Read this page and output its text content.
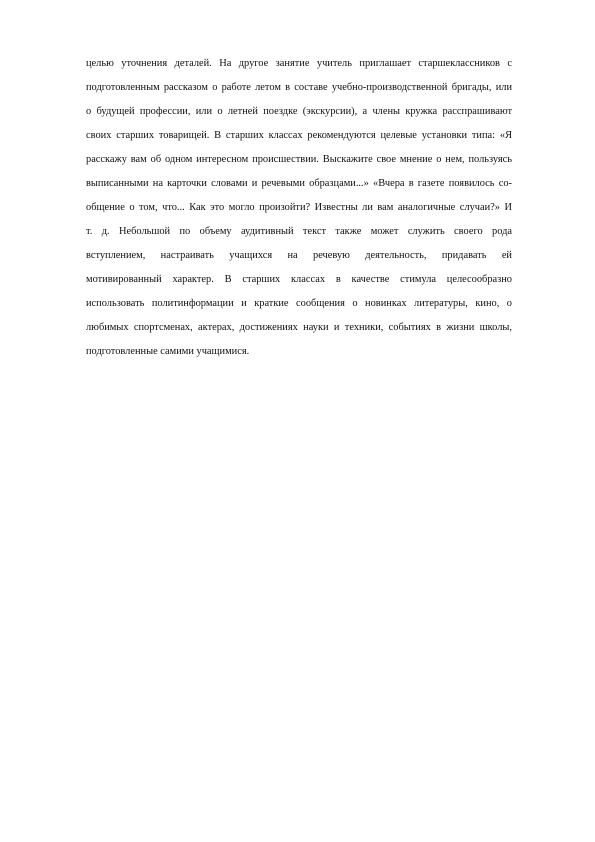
целью уточнения деталей. На другое занятие учитель приглашает старшеклассников с
подготовленным рассказом о работе летом в составе учебно-производственной бригады, или
о будущей профессии, или о летней поездке (экскурсии), а члены кружка расспрашивают
своих старших товарищей. В старших классах рекомендуются целевые установки типа: «Я
расскажу вам об одном интересном происшествии. Выскажите свое мнение о нем, пользуясь
выписанными на карточки словами и речевыми образцами...» «Вчера в газете появилось со-
общение о том, что... Как это могло произойти? Известны ли вам аналогичные случаи?» И
т. д. Небольшой по объему аудитивный текст также может служить своего рода
вступлением, настраивать учащихся на речевую деятельность, придавать ей
мотивированный характер. В старших классах в качестве стимула целесообразно
использовать политинформации и краткие сообщения о новинках литературы, кино, о
любимых спортсменах, актерах, достижениях науки и техники, событиях в жизни школы,
подготовленные самими учащимися.
